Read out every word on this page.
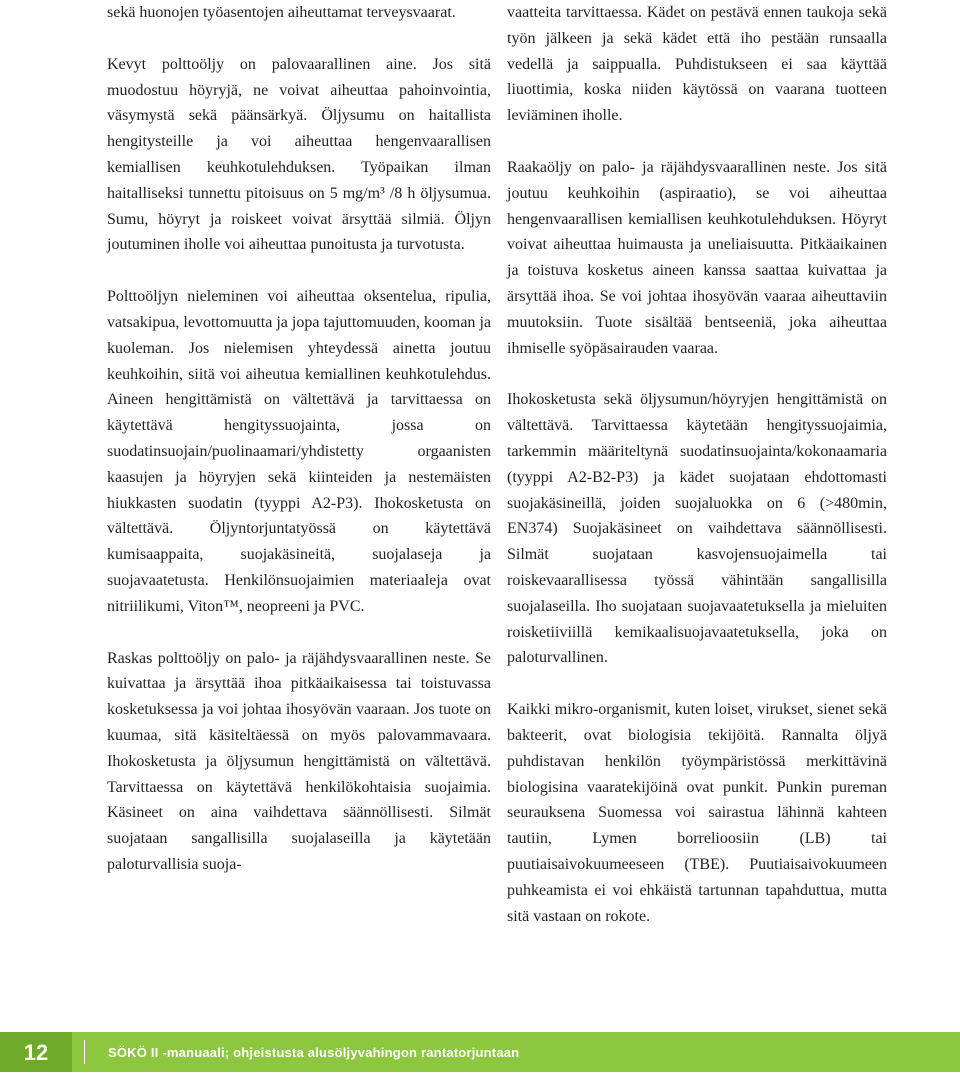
sekä huonojen työasentojen aiheuttamat terveysvaarat.

Kevyt polttoöljy on palovaarallinen aine. Jos sitä muodostuu höyryjä, ne voivat aiheuttaa pahoinvointia, väsymystä sekä päänsärkyä. Öljysumu on haitallista hengitysteille ja voi aiheuttaa hengenvaarallisen kemiallisen keuhkotulehduksen. Työpaikan ilman haitalliseksi tunnettu pitoisuus on 5 mg/m³ /8 h öljysumua. Sumu, höyryt ja roiskeet voivat ärsyttää silmiä. Öljyn joutuminen iholle voi aiheuttaa punoitusta ja turvotusta.

Polttoöljyn nieleminen voi aiheuttaa oksentelua, ripulia, vatsakipua, levottomuutta ja jopa tajuttomuuden, kooman ja kuoleman. Jos nielemisen yhteydessä ainetta joutuu keuhkoihin, siitä voi aiheutua kemiallinen keuhkotulehdus. Aineen hengittämistä on vältettävä ja tarvittaessa on käytettävä hengityssuojainta, jossa on suodatinsuojain/puolinaamari/yhdistetty orgaanisten kaasujen ja höyryjen sekä kiinteiden ja nestemäisten hiukkasten suodatin (tyyppi A2-P3). Ihokosketusta on vältettävä. Öljyntorjuntatyössä on käytettävä kumisaappaita, suojakäsineitä, suojalaseja ja suojavaatetusta. Henkilönsuojaimien materiaaleja ovat nitriilikumi, Viton™, neopreeni ja PVC.

Raskas polttoöljy on palo- ja räjähdysvaarallinen neste. Se kuivattaa ja ärsyttää ihoa pitkäaikaisessa tai toistuvassa kosketuksessa ja voi johtaa ihosyövän vaaraan. Jos tuote on kuumaa, sitä käsiteltäessä on myös palovammavaara. Ihokosketusta ja öljysumun hengittämistä on vältettävä. Tarvittaessa on käytettävä henkilökohtaisia suojaimia. Käsineet on aina vaihdettava säännöllisesti. Silmät suojataan sangallisilla suojalaseilla ja käytetään paloturvallisia suoja-

vaatteita tarvittaessa. Kädet on pestävä ennen taukoja sekä työn jälkeen ja sekä kädet että iho pestään runsaalla vedellä ja saippualla. Puhdistukseen ei saa käyttää liuottimia, koska niiden käytössä on vaarana tuotteen leviäminen iholle.

Raakaöljy on palo- ja räjähdysvaarallinen neste. Jos sitä joutuu keuhkoihin (aspiraatio), se voi aiheuttaa hengenvaarallisen kemiallisen keuhkotulehduksen. Höyryt voivat aiheuttaa huimausta ja uneliaisuutta. Pitkäaikainen ja toistuva kosketus aineen kanssa saattaa kuivattaa ja ärsyttää ihoa. Se voi johtaa ihosyövän vaaraa aiheuttaviin muutoksiin. Tuote sisältää bentseeniä, joka aiheuttaa ihmiselle syöpäsairauden vaaraa.

Ihokosketusta sekä öljysumun/höyryjen hengittämistä on vältettävä. Tarvittaessa käytetään hengityssuojaimia, tarkemmin määriteltynä suodatinsuojainta/kokonaamaria (tyyppi A2-B2-P3) ja kädet suojataan ehdottomasti suojakäsineillä, joiden suojaluokka on 6 (>480min, EN374) Suojakäsineet on vaihdettava säännöllisesti. Silmät suojataan kasvojensuojaimella tai roiskevaarallisessa työssä vähintään sangallisilla suojalaseilla. Iho suojataan suojavaatetuksella ja mieluiten roisketiiviillä kemikaalisuojavaatetuksella, joka on paloturvallinen.

Kaikki mikro-organismit, kuten loiset, virukset, sienet sekä bakteerit, ovat biologisia tekijöitä. Rannalta öljyä puhdistavan henkilön työympäristössä merkittävinä biologisina vaaratekijöinä ovat punkit. Punkin pureman seurauksena Suomessa voi sairastua lähinnä kahteen tautiin, Lymen borrelioosiin (LB) tai puutiaisaivokuumeeseen (TBE). Puutiaisaivokuumeen puhkeamista ei voi ehkäistä tartunnan tapahduttua, mutta sitä vastaan on rokote.

12	SÖKÖ II -manuaali; ohjeistusta alusöljyvahingon rantatorjuntaan
